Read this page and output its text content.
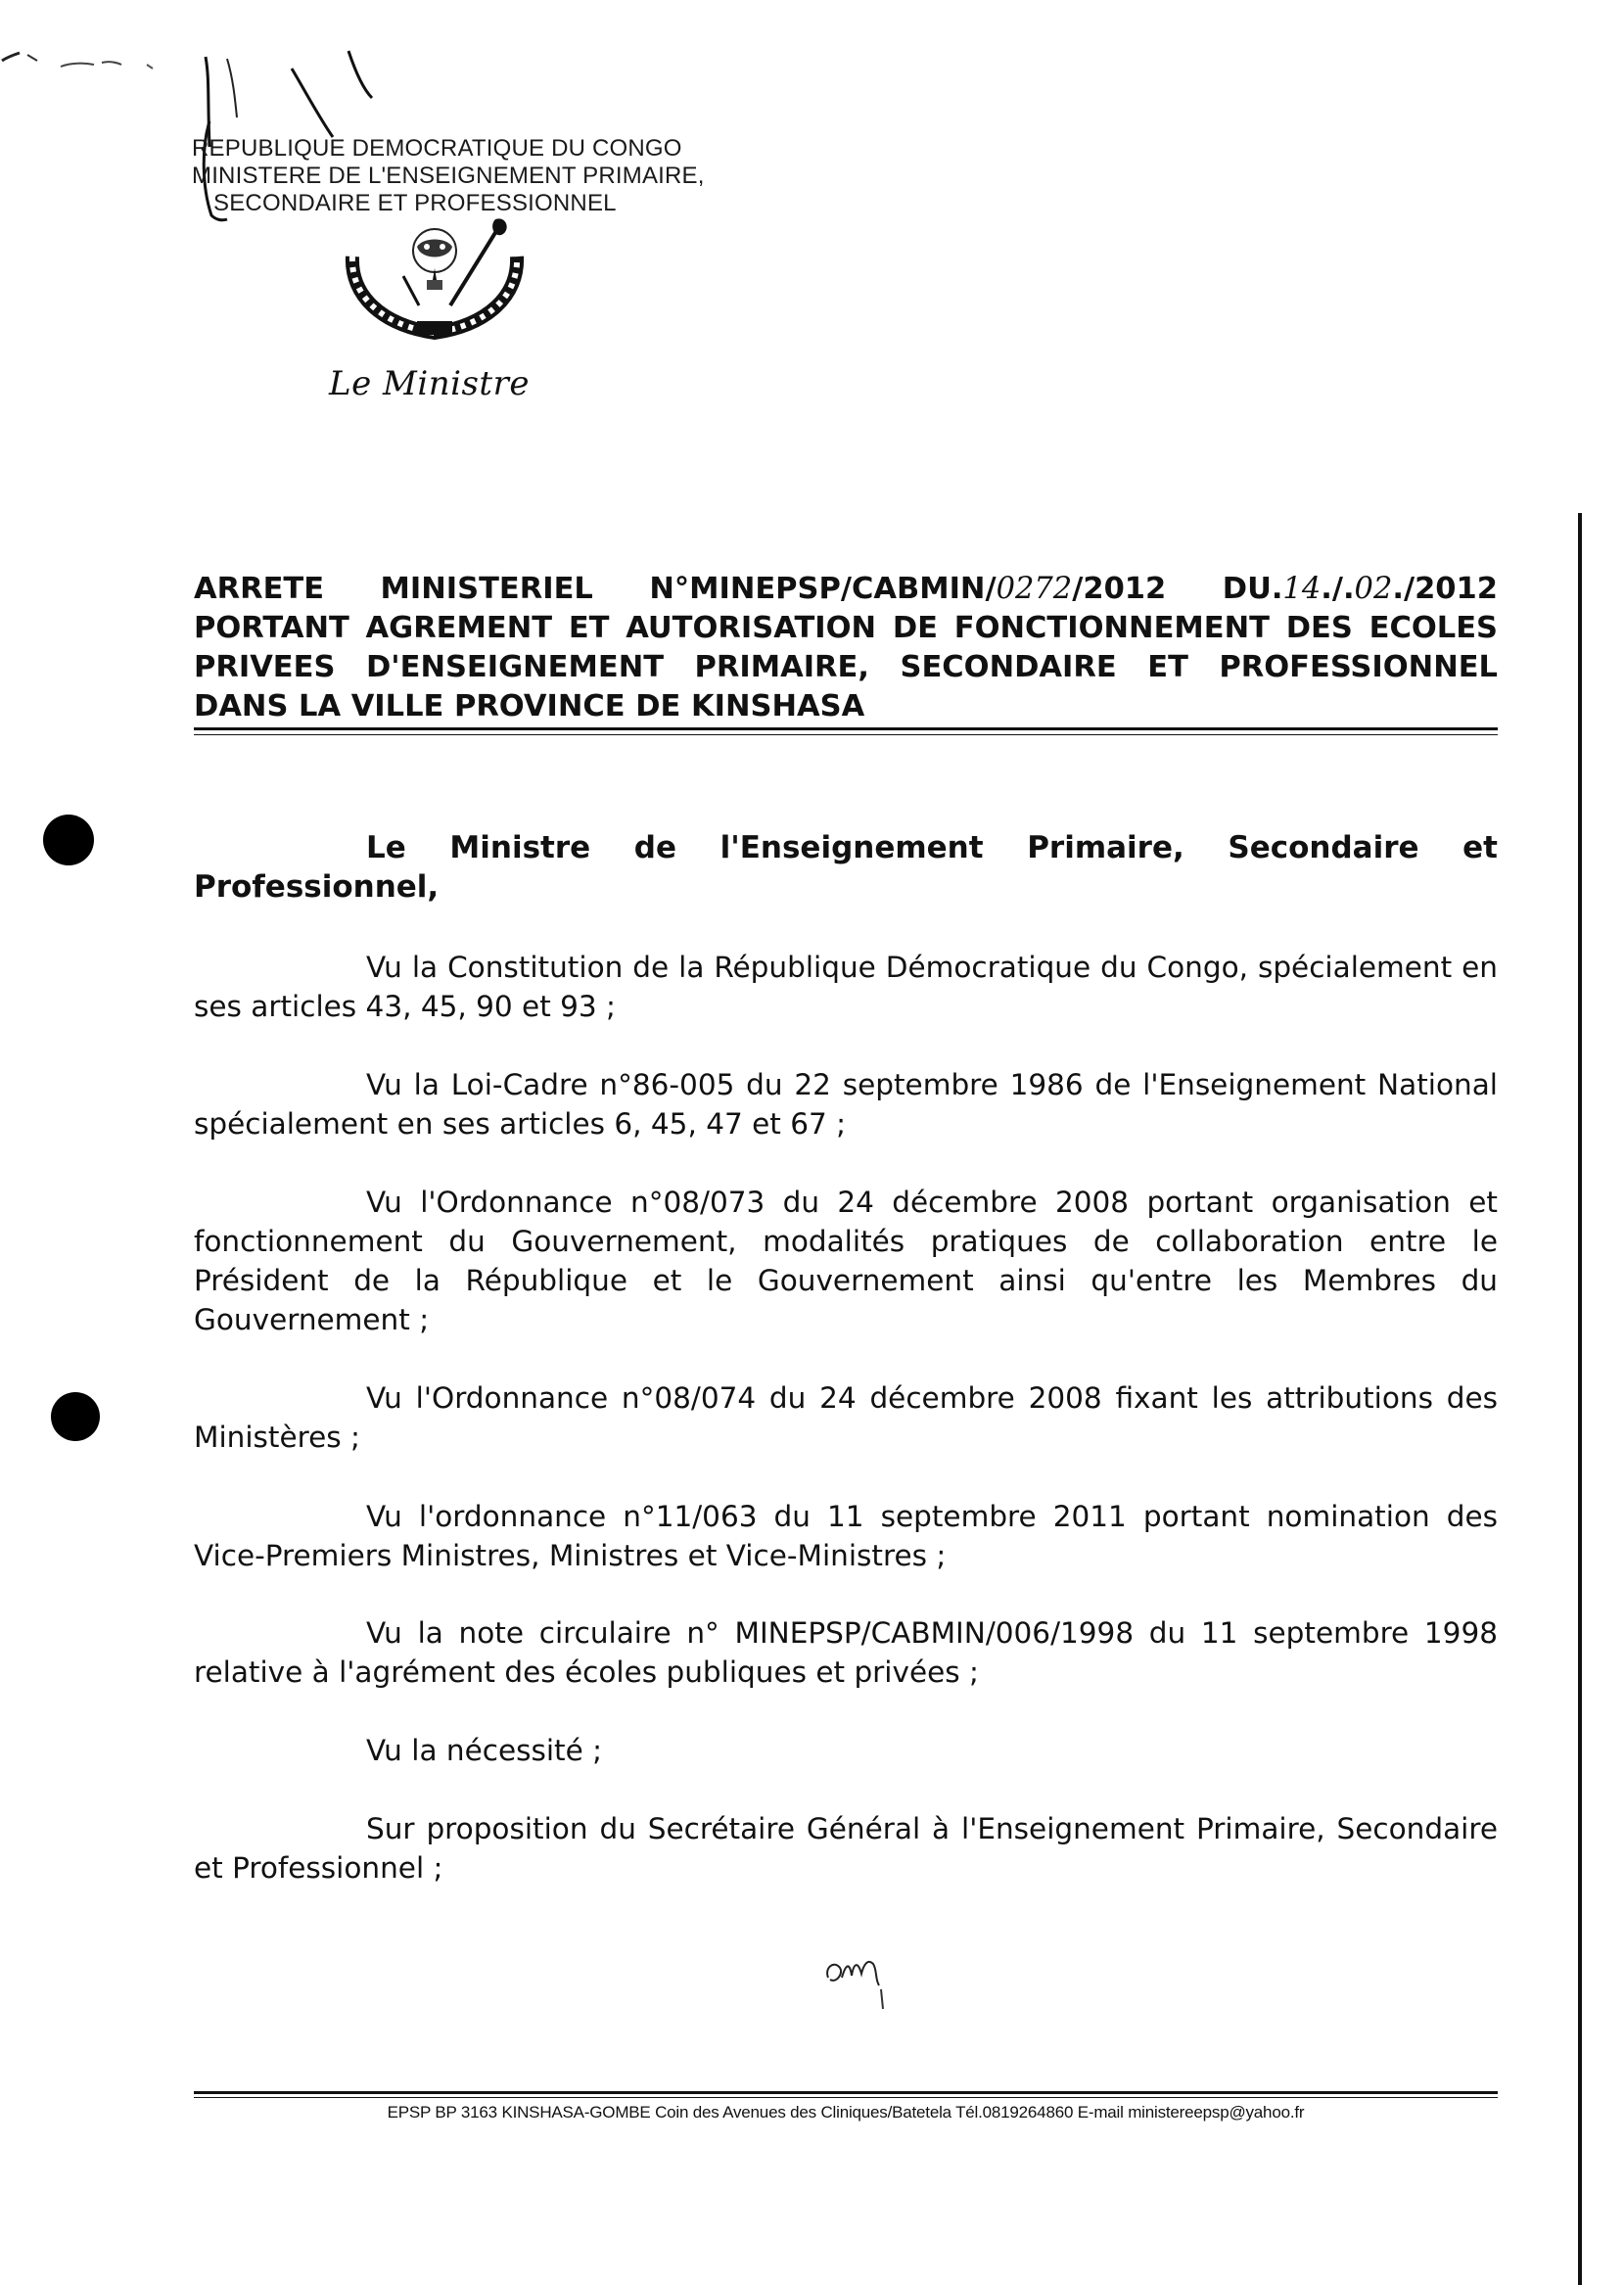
REPUBLIQUE DEMOCRATIQUE DU CONGO
MINISTERE DE L'ENSEIGNEMENT PRIMAIRE,
SECONDAIRE ET PROFESSIONNEL
Le Ministre
ARRETE MINISTERIEL N°MINEPSP/CABMIN/0272/2012 DU.14./.02./2012
PORTANT AGREMENT ET AUTORISATION DE FONCTIONNEMENT DES ECOLES
PRIVEES D'ENSEIGNEMENT PRIMAIRE, SECONDAIRE ET PROFESSIONNEL
DANS LA VILLE PROVINCE DE KINSHASA
Le Ministre de l'Enseignement Primaire, Secondaire et Professionnel,
Vu la Constitution de la République Démocratique du Congo, spécialement en ses articles 43, 45, 90 et 93 ;
Vu la Loi-Cadre n°86-005 du 22 septembre 1986 de l'Enseignement National spécialement en ses articles 6, 45, 47 et 67 ;
Vu l'Ordonnance n°08/073 du 24 décembre 2008 portant organisation et fonctionnement du Gouvernement, modalités pratiques de collaboration entre le Président de la République et le Gouvernement ainsi qu'entre les Membres du Gouvernement ;
Vu l'Ordonnance n°08/074 du 24 décembre 2008 fixant les attributions des Ministères ;
Vu l'ordonnance n°11/063 du 11 septembre 2011 portant nomination des Vice-Premiers Ministres, Ministres et Vice-Ministres ;
Vu la note circulaire n° MINEPSP/CABMIN/006/1998 du 11 septembre 1998 relative à l'agrément des écoles publiques et privées ;
Vu la nécessité ;
Sur proposition du Secrétaire Général à l'Enseignement Primaire, Secondaire et Professionnel ;
EPSP BP 3163 KINSHASA-GOMBE Coin des Avenues des Cliniques/Batetela Tél.0819264860 E-mail ministereepsp@yahoo.fr
